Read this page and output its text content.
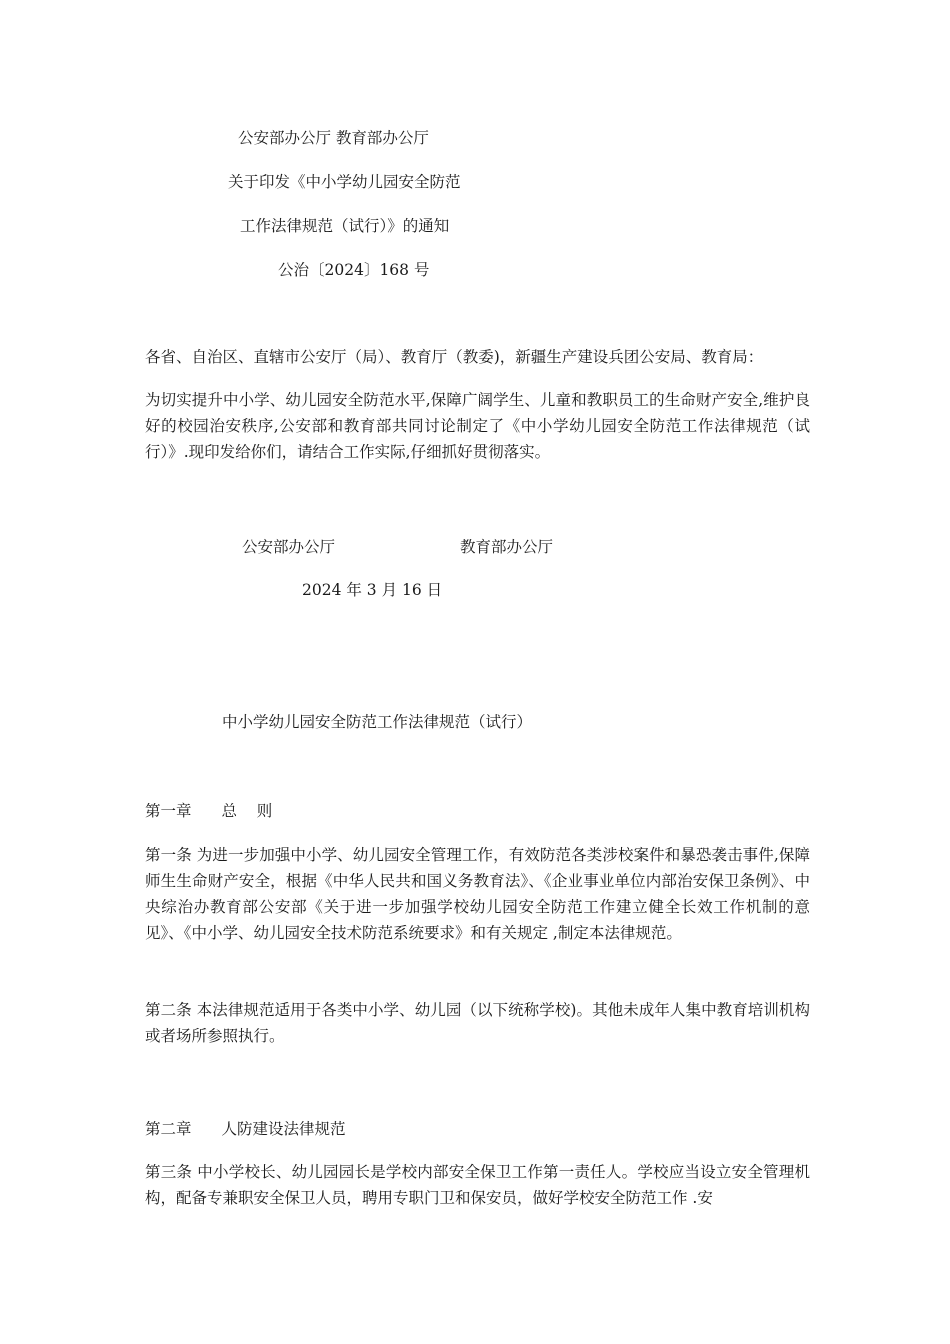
公安部办公厅 教育部办公厅
关于印发《中小学幼儿园安全防范
工作法律规范（试行）》的通知
公治〔2024〕168 号
各省、自治区、直辖市公安厅（局）、教育厅（教委)，新疆生产建设兵团公安局、教育局：
为切实提升中小学、幼儿园安全防范水平,保障广阔学生、儿童和教职员工的生命财产安全,维护良好的校园治安秩序,公安部和教育部共同讨论制定了《中小学幼儿园安全防范工作法律规范（试行）》.现印发给你们，请结合工作实际,仔细抓好贯彻落实。
公安部办公厅	教育部办公厅
2024 年 3 月 16 日
中小学幼儿园安全防范工作法律规范（试行）
第一章 总    则
第一条 为进一步加强中小学、幼儿园安全管理工作，有效防范各类涉校案件和暴恐袭击事件,保障师生生命财产安全，根据《中华人民共和国义务教育法》、《企业事业单位内部治安保卫条例》、中央综治办教育部公安部《关于进一步加强学校幼儿园安全防范工作建立健全长效工作机制的意见》、《中小学、幼儿园安全技术防范系统要求》和有关规定 ,制定本法律规范。
第二条 本法律规范适用于各类中小学、幼儿园（以下统称学校)。其他未成年人集中教育培训机构或者场所参照执行。
第二章 人防建设法律规范
第三条 中小学校长、幼儿园园长是学校内部安全保卫工作第一责任人。学校应当设立安全管理机构，配备专兼职安全保卫人员，聘用专职门卫和保安员，做好学校安全防范工作 .安
